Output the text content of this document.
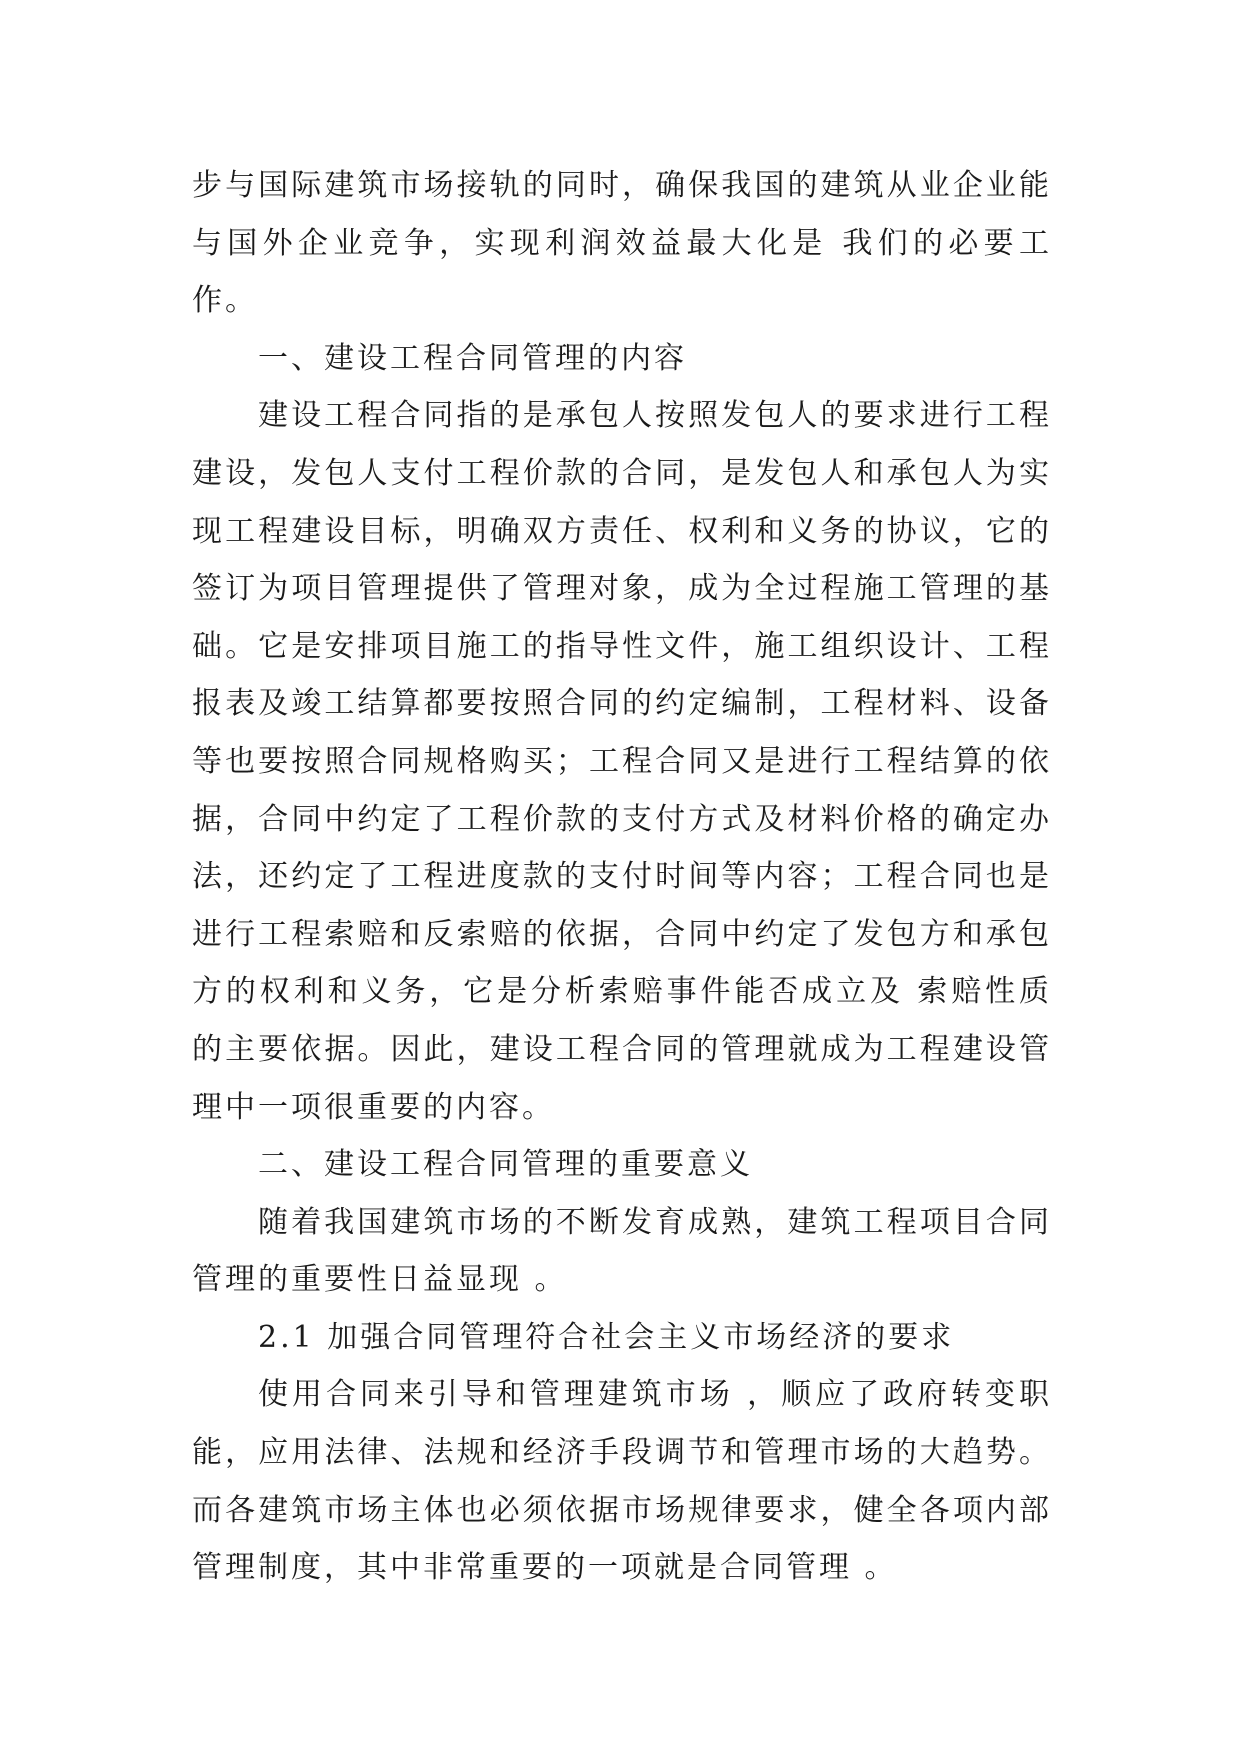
步与国际建筑市场接轨的同时，确保我国的建筑从业企业能与国外企业竞争，实现利润效益最大化是 我们的必要工作。

一、建设工程合同管理的内容

建设工程合同指的是承包人按照发包人的要求进行工程建设，发包人支付工程价款的合同，是发包人和承包人为实现工程建设目标，明确双方责任、权利和义务的协议，它的签订为项目管理提供了管理对象，成为全过程施工管理的基础。它是安排项目施工的指导性文件，施工组织设计、工程报表及竣工结算都要按照合同的约定编制，工程材料、设备等也要按照合同规格购买；工程合同又是进行工程结算的依据，合同中约定了工程价款的支付方式及材料价格的确定办法，还约定了工程进度款的支付时间等内容；工程合同也是进行工程索赔和反索赔的依据，合同中约定了发包方和承包方的权利和义务，它是分析索赔事件能否成立及 索赔性质的主要依据。因此，建设工程合同的管理就成为工程建设管理中一项很重要的内容。

二、建设工程合同管理的重要意义

随着我国建筑市场的不断发育成熟，建筑工程项目合同管理的重要性日益显现 。

2.1 加强合同管理符合社会主义市场经济的要求

使用合同来引导和管理建筑市场 ，顺应了政府转变职能，应用法律、法规和经济手段调节和管理市场的大趋势。而各建筑市场主体也必须依据市场规律要求，健全各项内部管理制度，其中非常重要的一项就是合同管理 。
